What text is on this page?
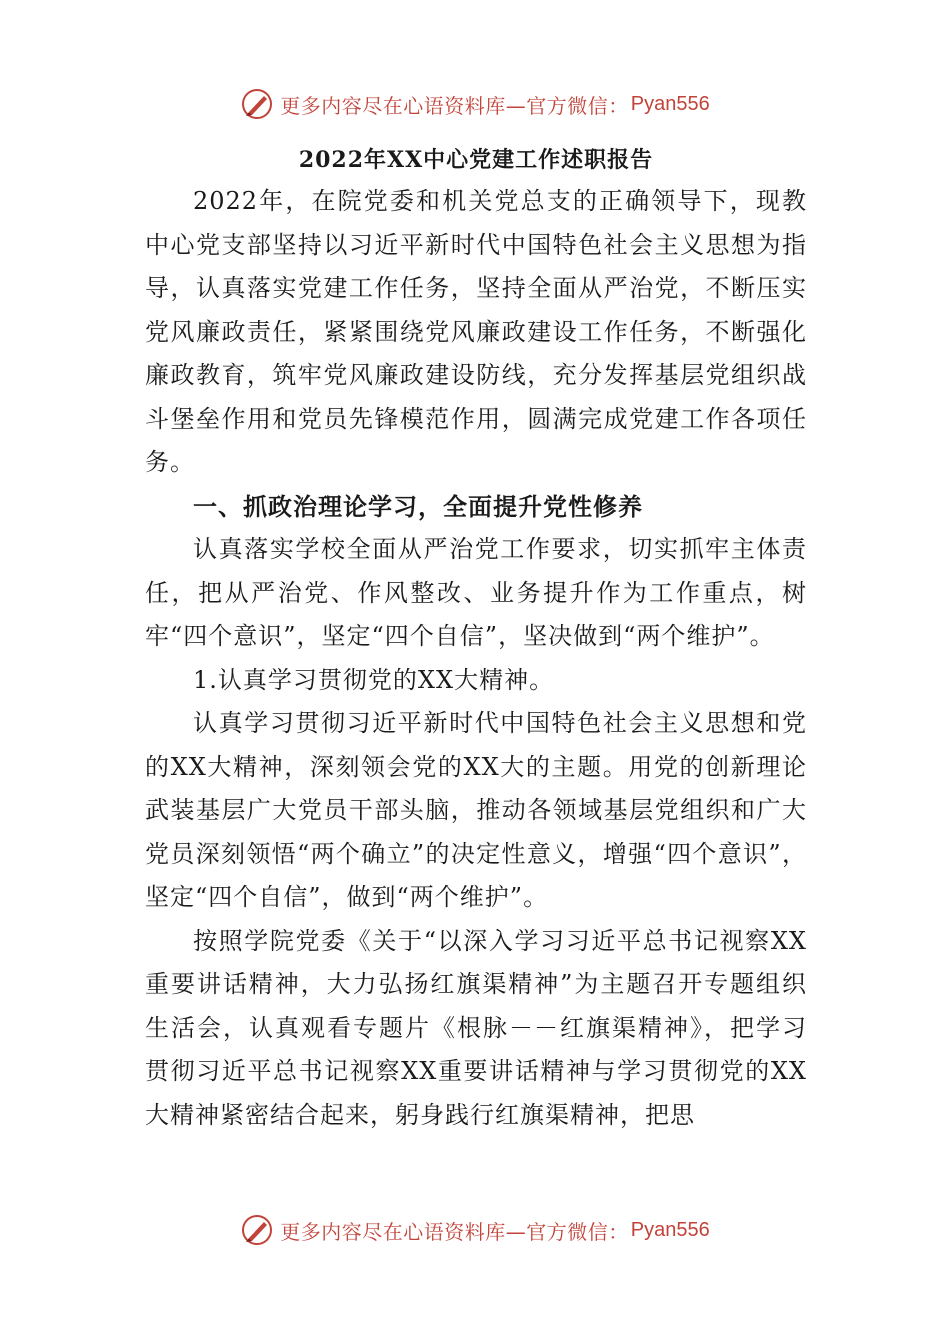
更多内容尽在心语资料库—官方微信： Pyan556
2022年XX中心党建工作述职报告

2022年，在院党委和机关党总支的正确领导下，现教中心党支部坚持以习近平新时代中国特色社会主义思想为指导，认真落实党建工作任务，坚持全面从严治党，不断压实党风廉政责任，紧紧围绕党风廉政建设工作任务，不断强化廉政教育，筑牢党风廉政建设防线，充分发挥基层党组织战斗堡垒作用和党员先锋模范作用，圆满完成党建工作各项任务。

一、抓政治理论学习，全面提升党性修养

认真落实学校全面从严治党工作要求，切实抓牢主体责任，把从严治党、作风整改、业务提升作为工作重点，树牢“四个意识”，坚定“四个自信”，坚决做到“两个维护”。

1.认真学习贯彻党的XX大精神。

认真学习贯彻习近平新时代中国特色社会主义思想和党的XX大精神，深刻领会党的XX大的主题。用党的创新理论武装基层广大党员干部头脑，推动各领域基层党组织和广大党员深刻领悟“两个确立”的决定性意义，增强“四个意识”，坚定“四个自信”，做到“两个维护”。

按照学院党委《关于“以深入学习习近平总书记视察XX重要讲话精神，大力弘扬红旗渠精神”为主题召开专题组织生活会，认真观看专题片《根脉－－红旗渠精神》，把学习贯彻习近平总书记视察XX重要讲话精神与学习贯彻党的XX大精神紧密结合起来，躬身践行红旗渠精神，把思

更多内容尽在心语资料库—官方微信： Pyan556
